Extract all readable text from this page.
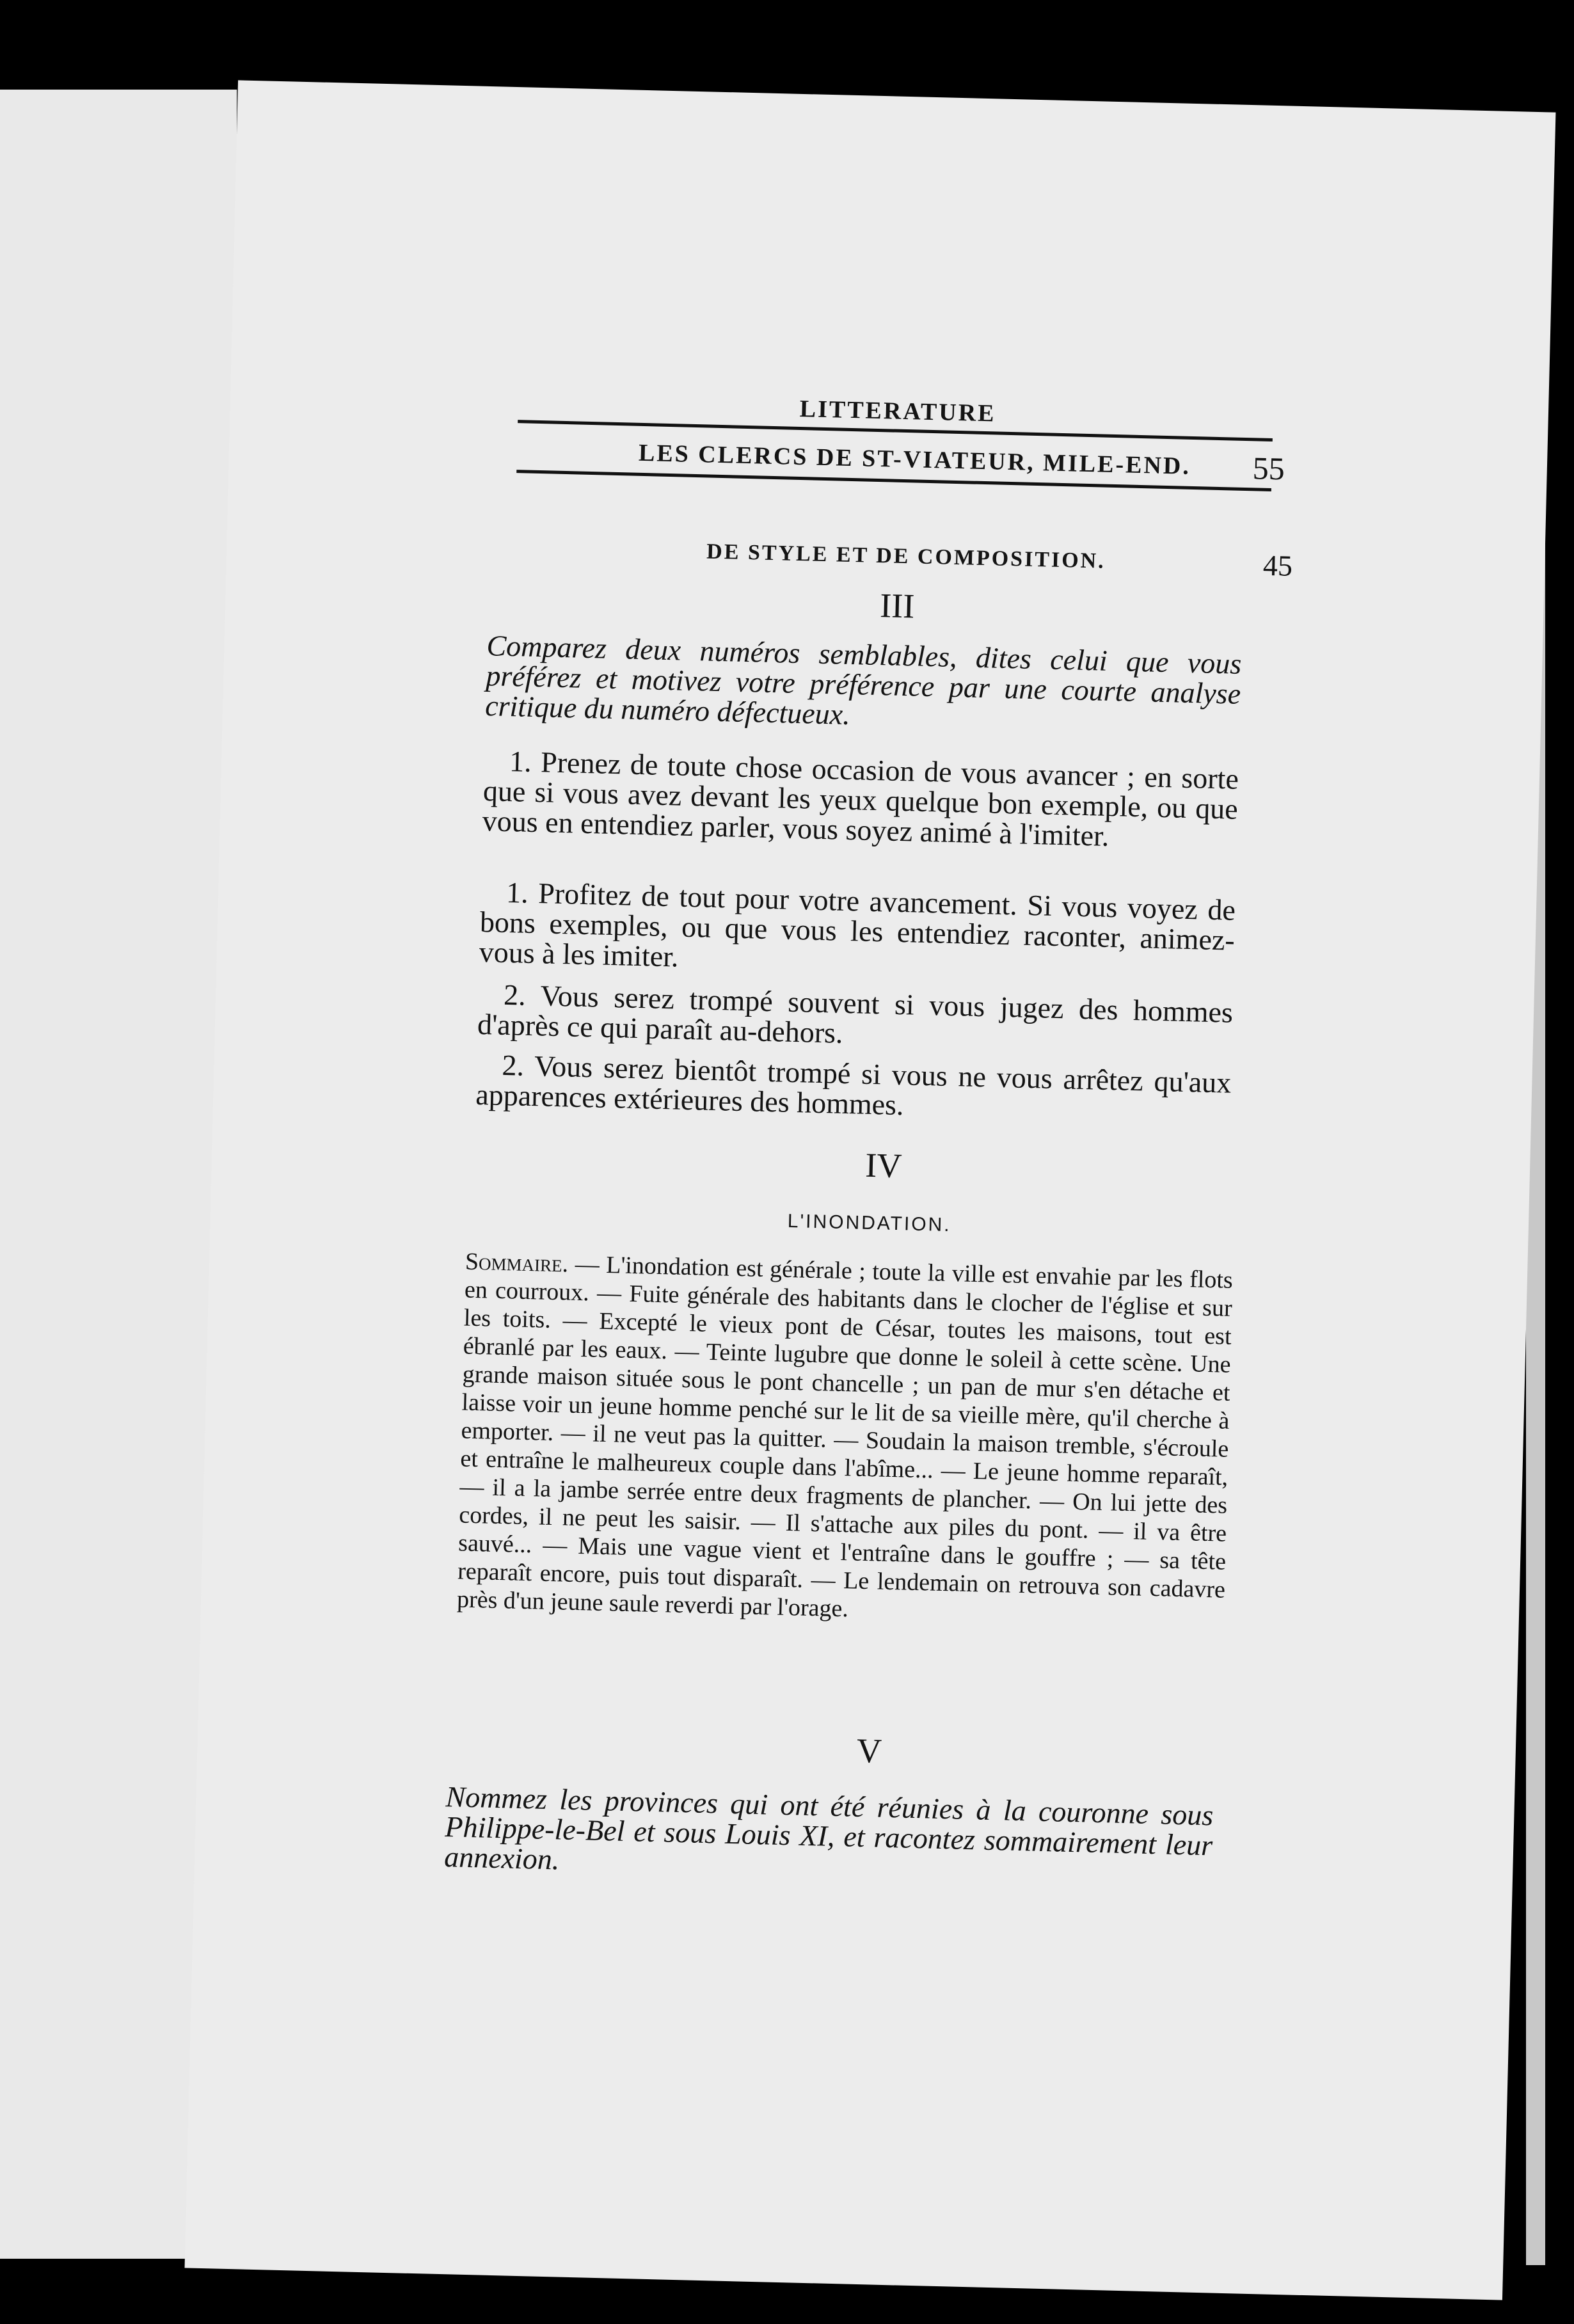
LITTERATURE
LES CLERCS DE ST-VIATEUR, MILE-END. 55
DE STYLE ET DE COMPOSITION.	45
III
Comparez deux numéros semblables, dites celui que vous préférez et motivez votre préférence par une courte analyse critique du numéro défectueux.
1. Prenez de toute chose occasion de vous avancer ; en sorte que si vous avez devant les yeux quelque bon exemple, ou que vous en entendiez parler, vous soyez animé à l'imiter.
1. Profitez de tout pour votre avancement. Si vous voyez de bons exemples, ou que vous les entendiez raconter, animez-vous à les imiter.
2. Vous serez trompé souvent si vous jugez des hommes d'après ce qui paraît au-dehors.
2. Vous serez bientôt trompé si vous ne vous arrêtez qu'aux apparences extérieures des hommes.
IV
L'INONDATION.
Sommaire. — L'inondation est générale ; toute la ville est envahie par les flots en courroux. — Fuite générale des habitants dans le clocher de l'église et sur les toits. — Excepté le vieux pont de César, toutes les maisons, tout est ébranlé par les eaux. — Teinte lugubre que donne le soleil à cette scène. Une grande maison située sous le pont chancelle ; un pan de mur s'en détache et laisse voir un jeune homme penché sur le lit de sa vieille mère, qu'il cherche à emporter. — il ne veut pas la quitter. — Soudain la maison tremble, s'écroule et entraîne le malheureux couple dans l'abîme... — Le jeune homme reparaît, — il a la jambe serrée entre deux fragments de plancher. — On lui jette des cordes, il ne peut les saisir. — Il s'attache aux piles du pont. — il va être sauvé... — Mais une vague vient et l'entraîne dans le gouffre ; — sa tête reparaît encore, puis tout disparaît. — Le lendemain on retrouva son cadavre près d'un jeune saule reverdi par l'orage.
V
Nommez les provinces qui ont été réunies à la couronne sous Philippe-le-Bel et sous Louis XI, et racontez sommairement leur annexion.
